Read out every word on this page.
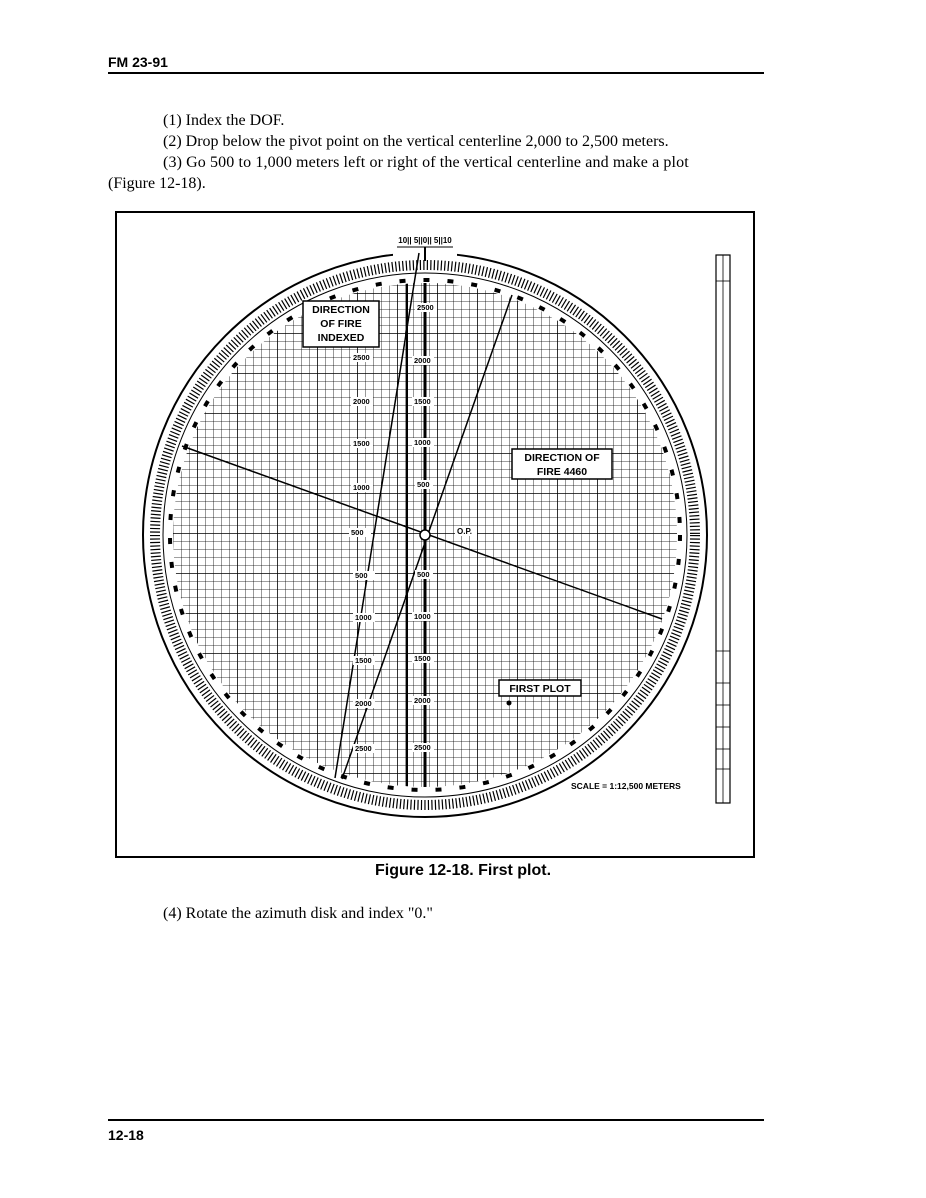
FM 23-91
(1) Index the DOF.
(2) Drop below the pivot point on the vertical centerline 2,000 to 2,500 meters.
(3) Go 500 to 1,000 meters left or right of the vertical centerline and make a plot
(Figure 12-18).
10|| 5||0|| 5||10
O.P.
2500
2000
1500
1000
500
500
1000
1500
2000
2500
2500
2000
1500
1000
500
500
1000
1500
2000
2500
DIRECTION
OF FIRE
INDEXED
DIRECTION OF
FIRE 4460
FIRST PLOT
SCALE = 1:12,500 METERS
Figure 12-18. First plot.
(4) Rotate the azimuth disk and index "0."
12-18
